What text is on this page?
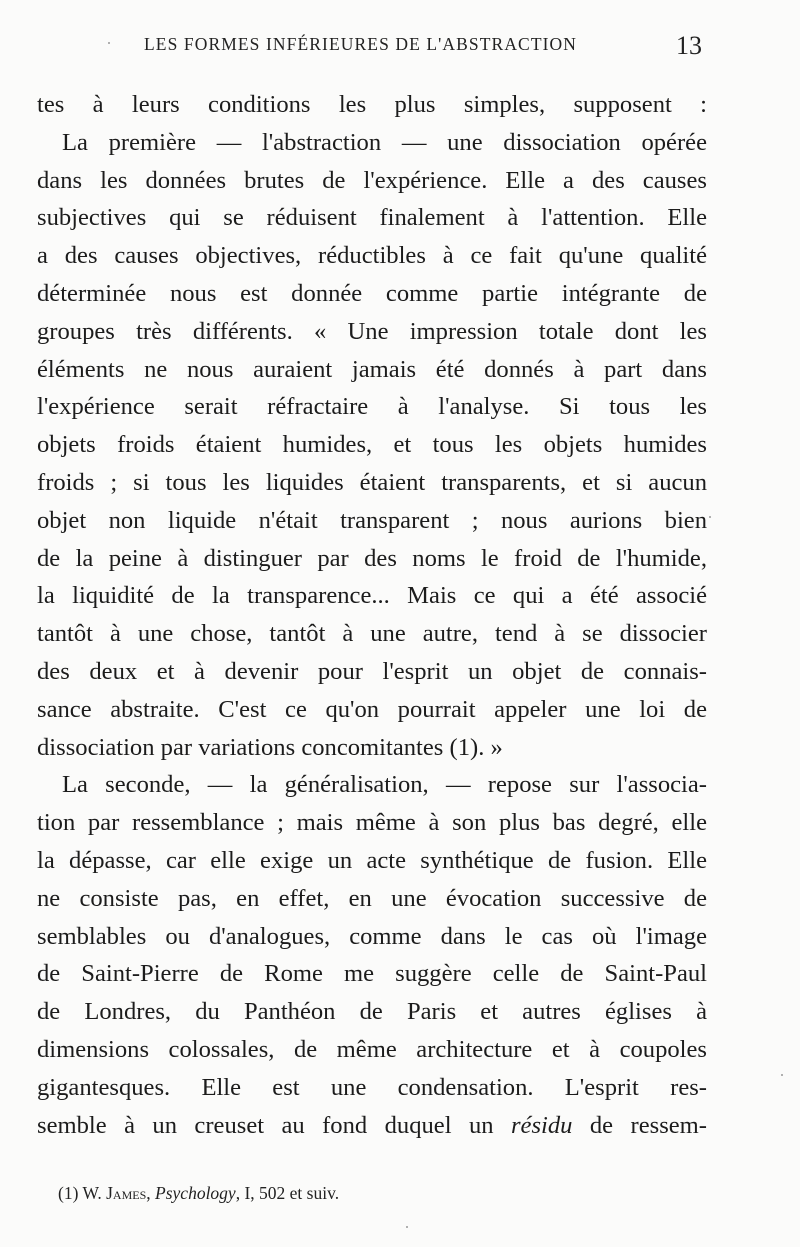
LES FORMES INFÉRIEURES DE L'ABSTRACTION	13
tes à leurs conditions les plus simples, supposent :
La première — l'abstraction — une dissociation opérée
dans les données brutes de l'expérience. Elle a des causes
subjectives qui se réduisent finalement à l'attention. Elle
a des causes objectives, réductibles à ce fait qu'une qualité
déterminée nous est donnée comme partie intégrante de
groupes très différents. « Une impression totale dont les
éléments ne nous auraient jamais été donnés à part dans
l'expérience serait réfractaire à l'analyse. Si tous les
objets froids étaient humides, et tous les objets humides
froids ; si tous les liquides étaient transparents, et si aucun
objet non liquide n'était transparent ; nous aurions bien
de la peine à distinguer par des noms le froid de l'humide,
la liquidité de la transparence... Mais ce qui a été associé
tantôt à une chose, tantôt à une autre, tend à se dissocier
des deux et à devenir pour l'esprit un objet de connais-
sance abstraite. C'est ce qu'on pourrait appeler une loi de
dissociation par variations concomitantes (1). »
La seconde, — la généralisation, — repose sur l'associa-
tion par ressemblance ; mais même à son plus bas degré, elle
la dépasse, car elle exige un acte synthétique de fusion. Elle
ne consiste pas, en effet, en une évocation successive de
semblables ou d'analogues, comme dans le cas où l'image
de Saint-Pierre de Rome me suggère celle de Saint-Paul
de Londres, du Panthéon de Paris et autres églises à
dimensions colossales, de même architecture et à coupoles
gigantesques. Elle est une condensation. L'esprit res-
semble à un creuset au fond duquel un résidu de ressem-
(1) W. James, Psychology, I, 502 et suiv.
